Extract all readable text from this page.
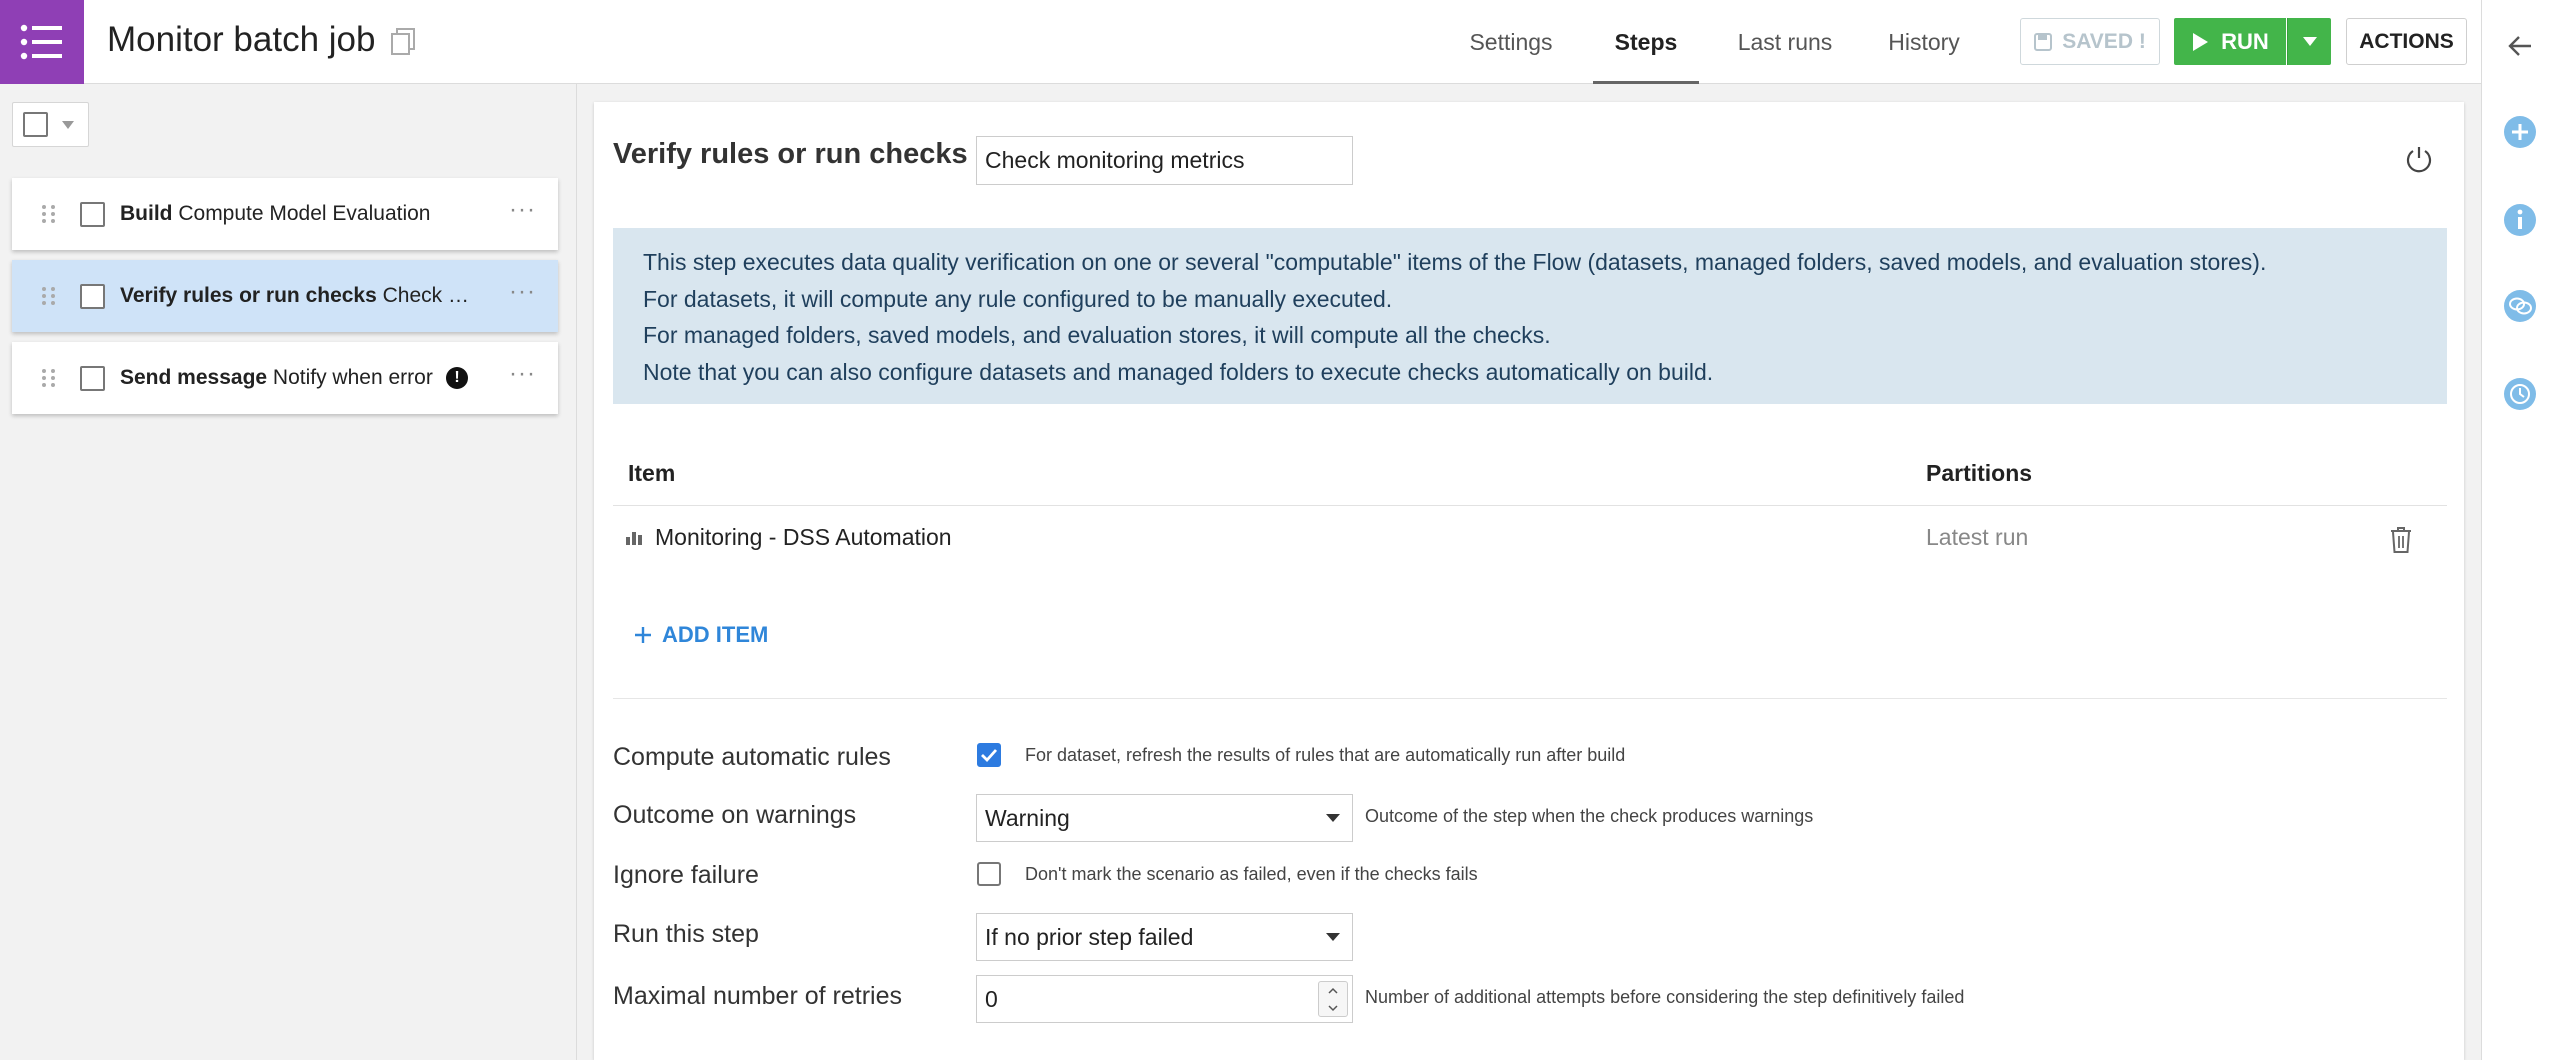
Monitor batch job	Settings	Steps	Last runs	History	SAVED !	RUN	ACTIONS
Build Compute Model Evaluation	···
Verify rules or run checks Check … ···
Send message Notify when error	!	···
Verify rules or run checks
Check monitoring metrics
This step executes data quality verification on one or several "computable" items of the Flow (datasets, managed folders, saved models, and evaluation stores).
For datasets, it will compute any rule configured to be manually executed.
For managed folders, saved models, and evaluation stores, it will compute all the checks.
Note that you can also configure datasets and managed folders to execute checks automatically on build.
Item	Partitions
Monitoring - DSS Automation	Latest run
ADD ITEM
Compute automatic rules	For dataset, refresh the results of rules that are automatically run after build
Outcome on warnings	Warning	Outcome of the step when the check produces warnings
Ignore failure	Don't mark the scenario as failed, even if the checks fails
Run this step	If no prior step failed
Maximal number of retries	0	Number of additional attempts before considering the step definitively failed
